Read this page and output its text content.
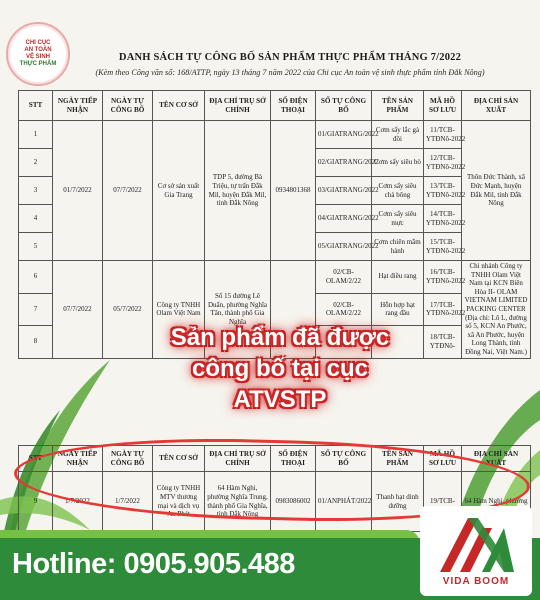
CHI CỤC
AN TOÀN
VỆ SINH
THỰC PHẨM
DANH SÁCH TỰ CÔNG BỐ SẢN PHẨM THỰC PHẨM THÁNG 7/2022
(Kèm theo Công văn số: 168/ATTP, ngày 13 tháng 7 năm 2022 của Chi cục An toàn vệ sinh thực phẩm tỉnh Đắk Nông)
STT	NGÀY TIẾP NHẬN	NGÀY TỰ CÔNG BỐ	TÊN CƠ SỞ	ĐỊA CHỈ TRỤ SỞ CHÍNH	SỐ ĐIỆN THOẠI	SỐ TỰ CÔNG BỐ	TÊN SẢN PHẨM	MÃ HỒ SƠ LƯU	ĐỊA CHỈ SẢN XUẤT
1	01/7/2022	07/7/2022	Cơ sở sản xuất Gia Trang	TDP 5, đường Bà Triệu, tự trấn Đắk Mil, huyện Đắk Mil, tỉnh Đắk Nông	0934801368	01/GIATRANG/2022	Cơm sấy lắc gà đồi	11/TCB-YTĐNô-2022	Thôn Đức Thành, xã Đức Mạnh, huyện Đắk Mil, tỉnh Đắk Nông
2						02/GIATRANG/2022	Cơm sấy siêu bò	12/TCB-YTĐNô-2022	
3						03/GIATRANG/2022	Cơm sấy siêu chà bông	13/TCB-YTĐNô-2022	
4						04/GIATRANG/2022	Cơm sấy siêu mực	14/TCB-YTĐNô-2022	
5						05/GIATRANG/2022	Cơm chiên mắm hành	15/TCB-YTĐNô-2022	
6	07/7/2022	05/7/2022	Công ty TNHH Olam Việt Nam	Số 15 đường Lê Duẩn, phường Nghĩa Tân, thành phố Gia Nghĩa		02/CB-OLAM/2/22	Hạt điều rang	16/TCB-YTĐNô-2022	Chi nhánh Công ty TNHH Olam Việt Nam tại KCN Biên Hòa II- OLAM VIETNAM LIMITED PACKING CENTER (Địa chỉ: Lô L, đường số 5, KCN An Phước, xã An Phước, huyện Long Thành, tỉnh Đồng Nai, Việt Nam.)
7						02/CB-OLAM/2/22	Hỗn hợp hạt rang đầu	17/TCB-YTĐNô-2022	
8								18/TCB-YTĐNô-	
Sản phẩm đã được
công bố tại cục
ATVSTP
STT	NGÀY TIẾP NHẬN	NGÀY TỰ CÔNG BỐ	TÊN CƠ SỞ	ĐỊA CHỈ TRỤ SỞ CHÍNH	SỐ ĐIỆN THOẠI	SỐ TỰ CÔNG BỐ	TÊN SẢN PHẨM	MÃ HỒ SƠ LƯU	ĐỊA CHỈ SẢN XUẤT
9	1/7/2022	1/7/2022	Công ty TNHH MTV thương mại và dịch vụ An Phát	64 Hàm Nghi, phường Nghĩa Trung, thành phố Gia Nghĩa, tỉnh Đắk Nông	0983086002	01/ANPHÁT/2022	Thanh hạt dinh dưỡng	19/TCB-	64 Hàm Nghi, phường
Hotline: 0905.905.488
VIDA BOOM
